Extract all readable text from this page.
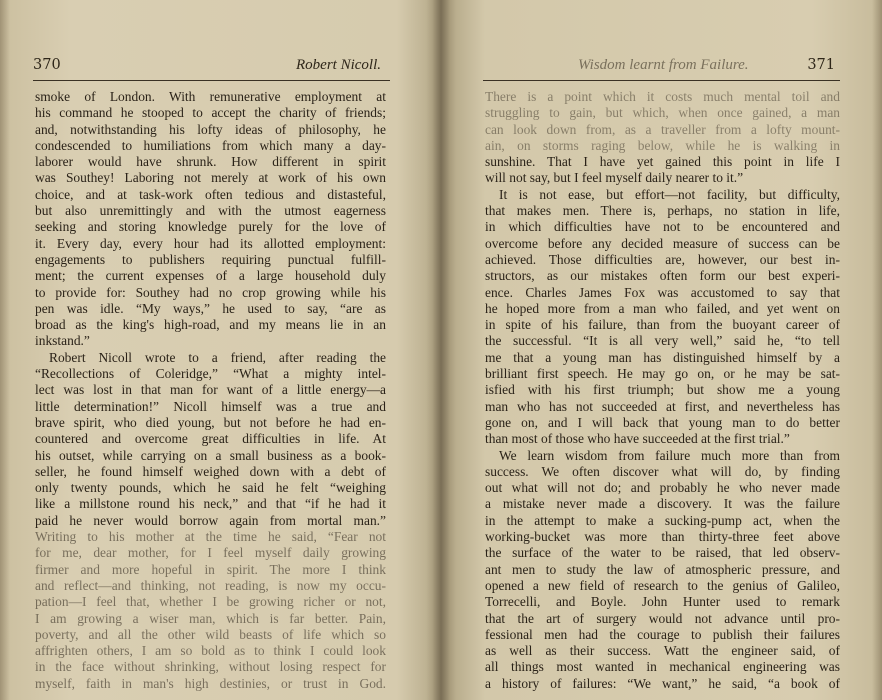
370	Robert Nicoll.
smoke of London. With remunerative employment at
his command he stooped to accept the charity of friends;
and, notwithstanding his lofty ideas of philosophy, he
condescended to humiliations from which many a day-
laborer would have shrunk. How different in spirit
was Southey! Laboring not merely at work of his own
choice, and at task-work often tedious and distasteful,
but also unremittingly and with the utmost eagerness
seeking and storing knowledge purely for the love of
it. Every day, every hour had its allotted employment:
engagements to publishers requiring punctual fulfill-
ment; the current expenses of a large household duly
to provide for: Southey had no crop growing while his
pen was idle. “My ways,” he used to say, “are as
broad as the king's high-road, and my means lie in an
inkstand.”
Robert Nicoll wrote to a friend, after reading the
“Recollections of Coleridge,” “What a mighty intel-
lect was lost in that man for want of a little energy—a
little determination!” Nicoll himself was a true and
brave spirit, who died young, but not before he had en-
countered and overcome great difficulties in life. At
his outset, while carrying on a small business as a book-
seller, he found himself weighed down with a debt of
only twenty pounds, which he said he felt “weighing
like a millstone round his neck,” and that “if he had it
paid he never would borrow again from mortal man.”
Writing to his mother at the time he said, “Fear not
for me, dear mother, for I feel myself daily growing
firmer and more hopeful in spirit. The more I think
and reflect—and thinking, not reading, is now my occu-
pation—I feel that, whether I be growing richer or not,
I am growing a wiser man, which is far better. Pain,
poverty, and all the other wild beasts of life which so
affrighten others, I am so bold as to think I could look
in the face without shrinking, without losing respect for
myself, faith in man's high destinies, or trust in God.
Wisdom learnt from Failure.	371
There is a point which it costs much mental toil and
struggling to gain, but which, when once gained, a man
can look down from, as a traveller from a lofty mount-
ain, on storms raging below, while he is walking in
sunshine. That I have yet gained this point in life I
will not say, but I feel myself daily nearer to it.”
It is not ease, but effort—not facility, but difficulty,
that makes men. There is, perhaps, no station in life,
in which difficulties have not to be encountered and
overcome before any decided measure of success can be
achieved. Those difficulties are, however, our best in-
structors, as our mistakes often form our best experi-
ence. Charles James Fox was accustomed to say that
he hoped more from a man who failed, and yet went on
in spite of his failure, than from the buoyant career of
the successful. “It is all very well,” said he, “to tell
me that a young man has distinguished himself by a
brilliant first speech. He may go on, or he may be sat-
isfied with his first triumph; but show me a young
man who has not succeeded at first, and nevertheless has
gone on, and I will back that young man to do better
than most of those who have succeeded at the first trial.”
We learn wisdom from failure much more than from
success. We often discover what will do, by finding
out what will not do; and probably he who never made
a mistake never made a discovery. It was the failure
in the attempt to make a sucking-pump act, when the
working-bucket was more than thirty-three feet above
the surface of the water to be raised, that led observ-
ant men to study the law of atmospheric pressure, and
opened a new field of research to the genius of Galileo,
Torrecelli, and Boyle. John Hunter used to remark
that the art of surgery would not advance until pro-
fessional men had the courage to publish their failures
as well as their success. Watt the engineer said, of
all things most wanted in mechanical engineering was
a history of failures: “We want,” he said, “a book of
